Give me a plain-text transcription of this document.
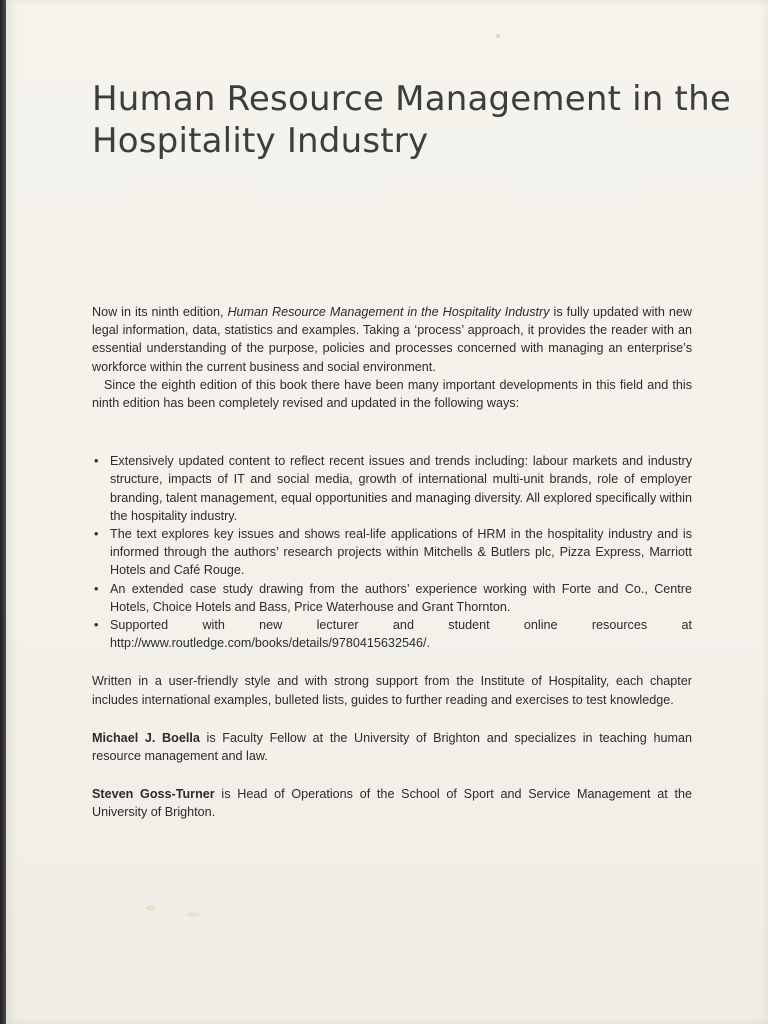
Human Resource Management in the Hospitality Industry

Now in its ninth edition, Human Resource Management in the Hospitality Industry is fully updated with new legal information, data, statistics and examples. Taking a ‘process’ approach, it provides the reader with an essential understanding of the purpose, policies and processes concerned with managing an enterprise’s workforce within the current business and social environment.

Since the eighth edition of this book there have been many important developments in this field and this ninth edition has been completely revised and updated in the following ways:

• Extensively updated content to reflect recent issues and trends including: labour markets and industry structure, impacts of IT and social media, growth of international multi-unit brands, role of employer branding, talent management, equal opportunities and managing diversity. All explored specifically within the hospitality industry.
• The text explores key issues and shows real-life applications of HRM in the hospitality industry and is informed through the authors’ research projects within Mitchells & Butlers plc, Pizza Express, Marriott Hotels and Café Rouge.
• An extended case study drawing from the authors’ experience working with Forte and Co., Centre Hotels, Choice Hotels and Bass, Price Waterhouse and Grant Thornton.
• Supported with new lecturer and student online resources at http://www.routledge.com/books/details/9780415632546/.

Written in a user-friendly style and with strong support from the Institute of Hospitality, each chapter includes international examples, bulleted lists, guides to further reading and exercises to test knowledge.

Michael J. Boella is Faculty Fellow at the University of Brighton and specializes in teaching human resource management and law.

Steven Goss-Turner is Head of Operations of the School of Sport and Service Management at the University of Brighton.
